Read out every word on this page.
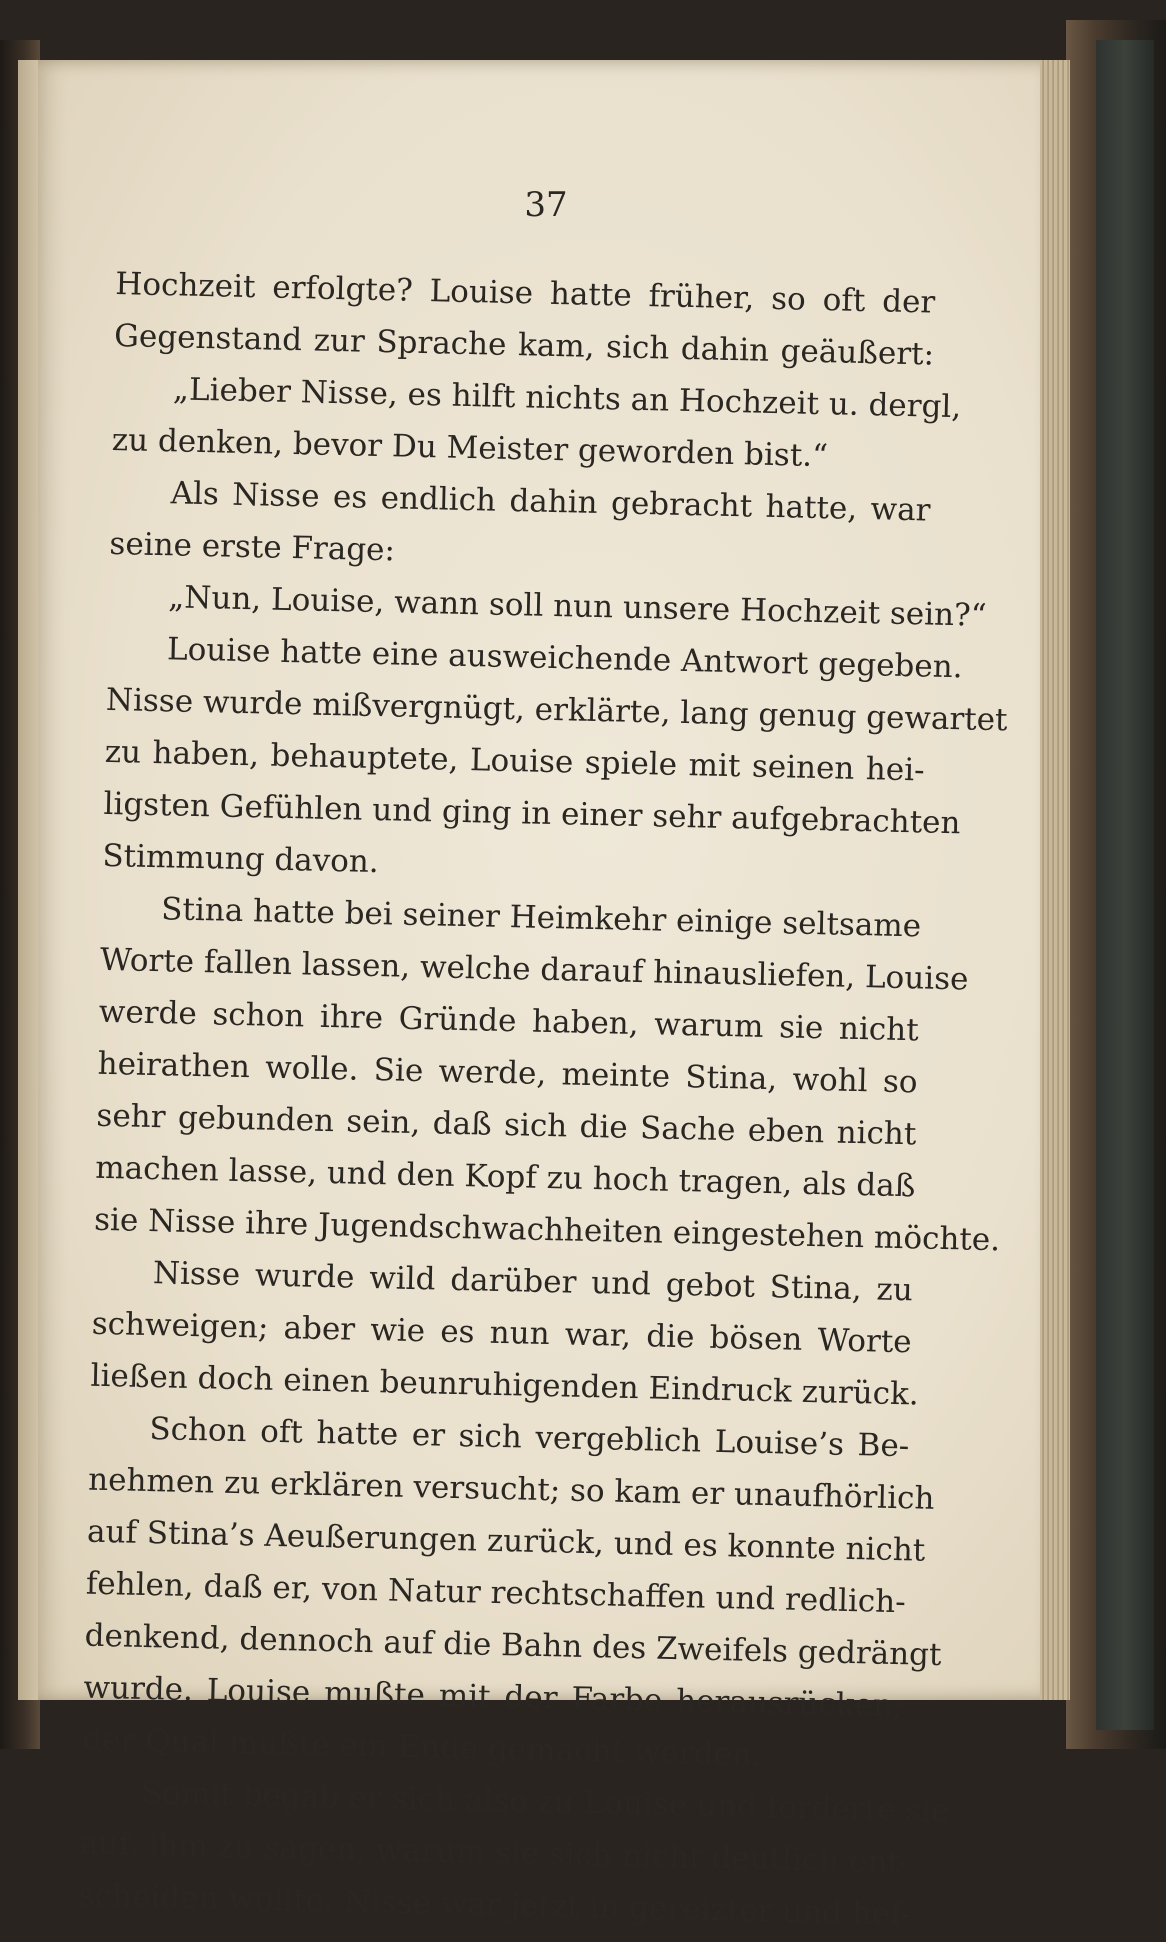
37
Hochzeit erfolgte? Louise hatte früher, so oft der
Gegenstand zur Sprache kam, sich dahin geäußert:
„Lieber Nisse, es hilft nichts an Hochzeit u. dergl,
zu denken, bevor Du Meister geworden bist.“
Als Nisse es endlich dahin gebracht hatte, war
seine erste Frage:
„Nun, Louise, wann soll nun unsere Hochzeit sein?“
Louise hatte eine ausweichende Antwort gegeben.
Nisse wurde mißvergnügt, erklärte, lang genug gewartet
zu haben, behauptete, Louise spiele mit seinen hei-
ligsten Gefühlen und ging in einer sehr aufgebrachten
Stimmung davon.
Stina hatte bei seiner Heimkehr einige seltsame
Worte fallen lassen, welche darauf hinausliefen, Louise
werde schon ihre Gründe haben, warum sie nicht
heirathen wolle. Sie werde, meinte Stina, wohl so
sehr gebunden sein, daß sich die Sache eben nicht
machen lasse, und den Kopf zu hoch tragen, als daß
sie Nisse ihre Jugendschwachheiten eingestehen möchte.
Nisse wurde wild darüber und gebot Stina, zu
schweigen; aber wie es nun war, die bösen Worte
ließen doch einen beunruhigenden Eindruck zurück.
Schon oft hatte er sich vergeblich Louise’s Be-
nehmen zu erklären versucht; so kam er unaufhörlich
auf Stina’s Aeußerungen zurück, und es konnte nicht
fehlen, daß er, von Natur rechtschaffen und redlich-
denkend, dennoch auf die Bahn des Zweifels gedrängt
wurde. Louise mußte mit der Farbe herausrücken;
der Qual mußte ein Ende gemacht werden.
Somit begab er sich also zu Louise und forderte sie
auf, ihm zu sagen, warum sie sich nicht deutlich ent-
scheiden wollte. Nisse war jetzt in gereizter und hef-
